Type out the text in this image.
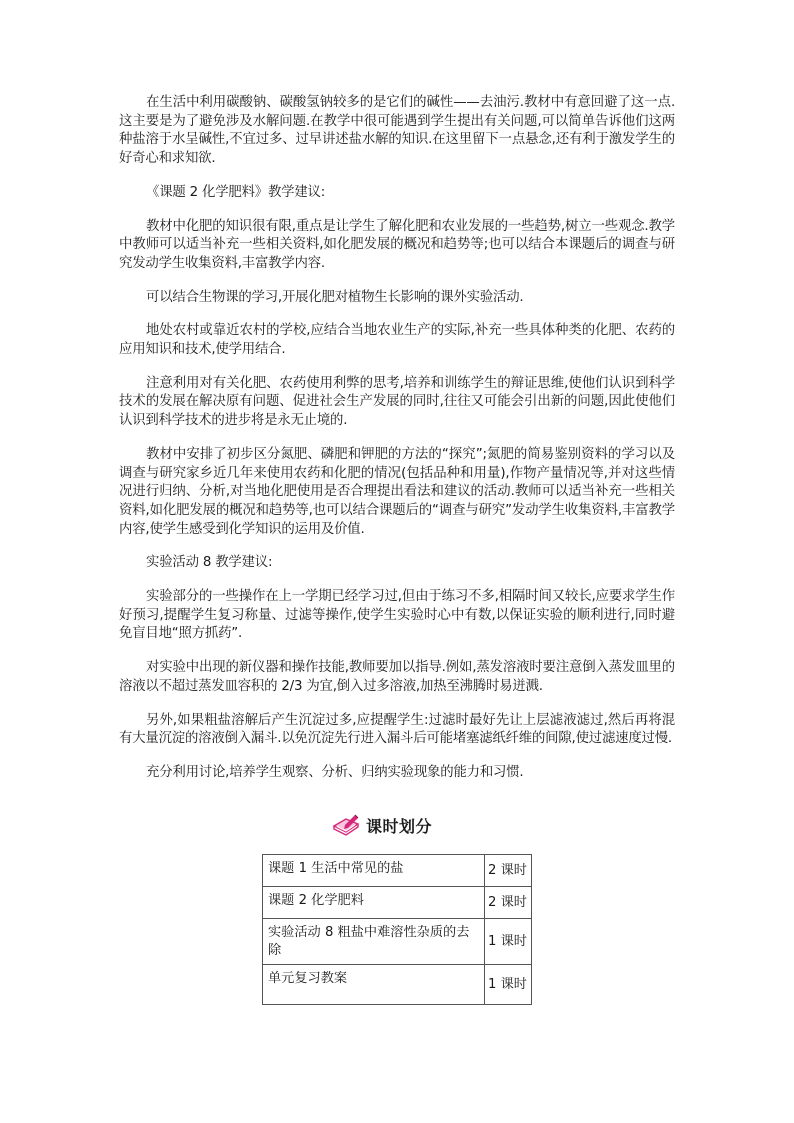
在生活中利用碳酸钠、碳酸氢钠较多的是它们的碱性——去油污.教材中有意回避了这一点.这主要是为了避免涉及水解问题.在教学中很可能遇到学生提出有关问题,可以简单告诉他们这两种盐溶于水呈碱性,不宜过多、过早讲述盐水解的知识.在这里留下一点悬念,还有利于激发学生的好奇心和求知欲.

《课题 2 化学肥料》教学建议:

教材中化肥的知识很有限,重点是让学生了解化肥和农业发展的一些趋势,树立一些观念.教学中教师可以适当补充一些相关资料,如化肥发展的概况和趋势等;也可以结合本课题后的调查与研究发动学生收集资料,丰富教学内容.

可以结合生物课的学习,开展化肥对植物生长影响的课外实验活动.

地处农村或靠近农村的学校,应结合当地农业生产的实际,补充一些具体种类的化肥、农药的应用知识和技术,使学用结合.

注意利用对有关化肥、农药使用利弊的思考,培养和训练学生的辩证思维,使他们认识到科学技术的发展在解决原有问题、促进社会生产发展的同时,往往又可能会引出新的问题,因此使他们认识到科学技术的进步将是永无止境的.

教材中安排了初步区分氮肥、磷肥和钾肥的方法的“探究”;氮肥的简易鉴别资料的学习以及调查与研究家乡近几年来使用农药和化肥的情况(包括品种和用量),作物产量情况等,并对这些情况进行归纳、分析,对当地化肥使用是否合理提出看法和建议的活动.教师可以适当补充一些相关资料,如化肥发展的概况和趋势等,也可以结合课题后的“调查与研究”发动学生收集资料,丰富教学内容,使学生感受到化学知识的运用及价值.

实验活动 8 教学建议:

实验部分的一些操作在上一学期已经学习过,但由于练习不多,相隔时间又较长,应要求学生作好预习,提醒学生复习称量、过滤等操作,使学生实验时心中有数,以保证实验的顺利进行,同时避免盲目地“照方抓药”.

对实验中出现的新仪器和操作技能,教师要加以指导.例如,蒸发溶液时要注意倒入蒸发皿里的溶液以不超过蒸发皿容积的 2/3 为宜,倒入过多溶液,加热至沸腾时易迸溅.

另外,如果粗盐溶解后产生沉淀过多,应提醒学生:过滤时最好先让上层滤液滤过,然后再将混有大量沉淀的溶液倒入漏斗.以免沉淀先行进入漏斗后可能堵塞滤纸纤维的间隙,使过滤速度过慢.

充分利用讨论,培养学生观察、分析、归纳实验现象的能力和习惯.

课时划分
课题 1 生活中常见的盐	2 课时
课题 2 化学肥料	2 课时
实验活动 8 粗盐中难溶性杂质的去除	1 课时
单元复习教案	1 课时
